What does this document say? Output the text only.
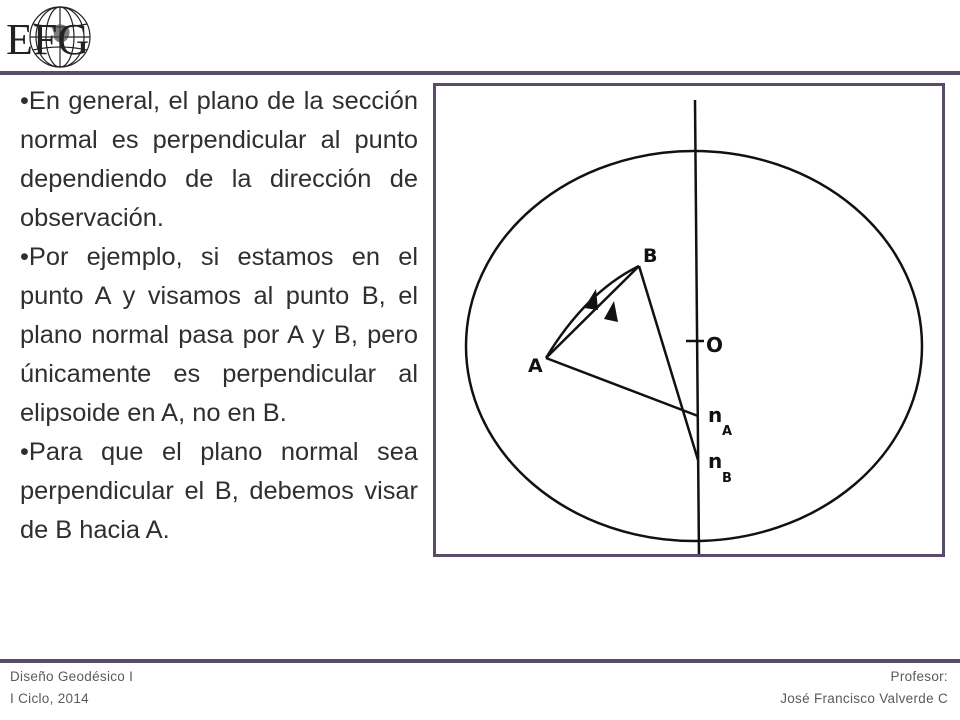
EFG

• En general, el plano de la sección normal es perpendicular al punto dependiendo de la dirección de observación.

• Por ejemplo, si estamos en el punto A y visamos al punto B, el plano normal pasa por A y B, pero únicamente es perpendicular al elipsoide en A, no en B.

• Para que el plano normal sea perpendicular el B, debemos visar de B hacia A.

A
B
O
n
A
n
B
Diseño Geodésico I
I Ciclo, 2014
Profesor:
José Francisco Valverde C
